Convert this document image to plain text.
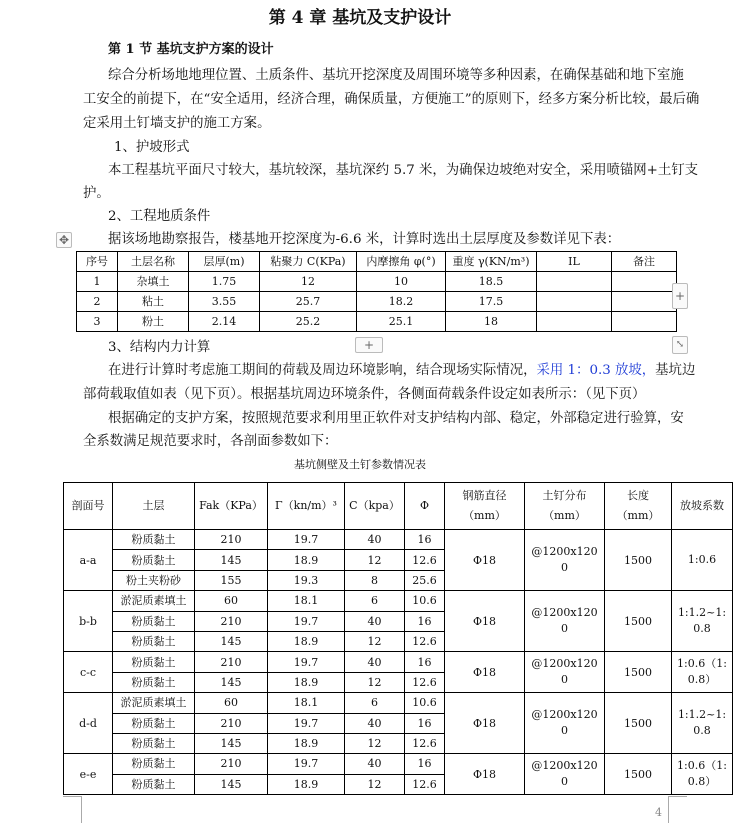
第 4 章 基坑及支护设计
第 1 节 基坑支护方案的设计
综合分析场地地理位置、土质条件、基坑开挖深度及周围环境等多种因素，在确保基础和地下室施
工安全的前提下，在“安全适用，经济合理，确保质量，方便施工”的原则下，经多方案分析比较，最后确
定采用土钉墙支护的施工方案。
1、护坡形式
本工程基坑平面尺寸较大，基坑较深，基坑深约 5.7 米，为确保边坡绝对安全，采用喷锚网+土钉支
护。
2、工程地质条件
据该场地勘察报告，楼基地开挖深度为-6.6 米，计算时选出土层厚度及参数详见下表：
✥
序号	土层名称	层厚(m)	粘聚力 C(KPa)	内摩擦角 φ(°)	重度 γ(KN/m³)	IL	备注
1	杂填土	1.75	12	10	18.5		
2	粘土	3.55	25.7	18.2	17.5		
3	粉土	2.14	25.2	25.1	18		
+
+	⤡
3、结构内力计算
在进行计算时考虑施工期间的荷载及周边环境影响，结合现场实际情况，采用 1：0.3 放坡，基坑边
部荷载取值如表（见下页）。根据基坑周边环境条件，各侧面荷载条件设定如表所示：（见下页）
根据确定的支护方案，按照规范要求利用里正软件对支护结构内部、稳定，外部稳定进行验算，安
全系数满足规范要求时，各剖面参数如下：
基坑侧壁及土钉参数情况表
剖面号	土层	Fak（KPa）	Γ（kn/m）³	C（kpa）	Φ	钢筋直径（mm）	土钉分布（mm）	长度（mm）	放坡系数
a-a	粉质黏土	210	19.7	40	16	Φ18	@1200x1200	1500	1:0.6
	粉质黏土	145	18.9	12	12.6				
	粉土夹粉砂	155	19.3	8	25.6				
b-b	淤泥质素填土	60	18.1	6	10.6	Φ18	@1200x1200	1500	1:1.2~1:0.8
	粉质黏土	210	19.7	40	16				
	粉质黏土	145	18.9	12	12.6				
c-c	粉质黏土	210	19.7	40	16	Φ18	@1200x1200	1500	1:0.6（1:0.8）
	粉质黏土	145	18.9	12	12.6				
d-d	淤泥质素填土	60	18.1	6	10.6	Φ18	@1200x1200	1500	1:1.2~1:0.8
	粉质黏土	210	19.7	40	16				
	粉质黏土	145	18.9	12	12.6				
e-e	粉质黏土	210	19.7	40	16	Φ18	@1200x1200	1500	1:0.6（1:0.8）
	粉质黏土	145	18.9	12	12.6				
4
